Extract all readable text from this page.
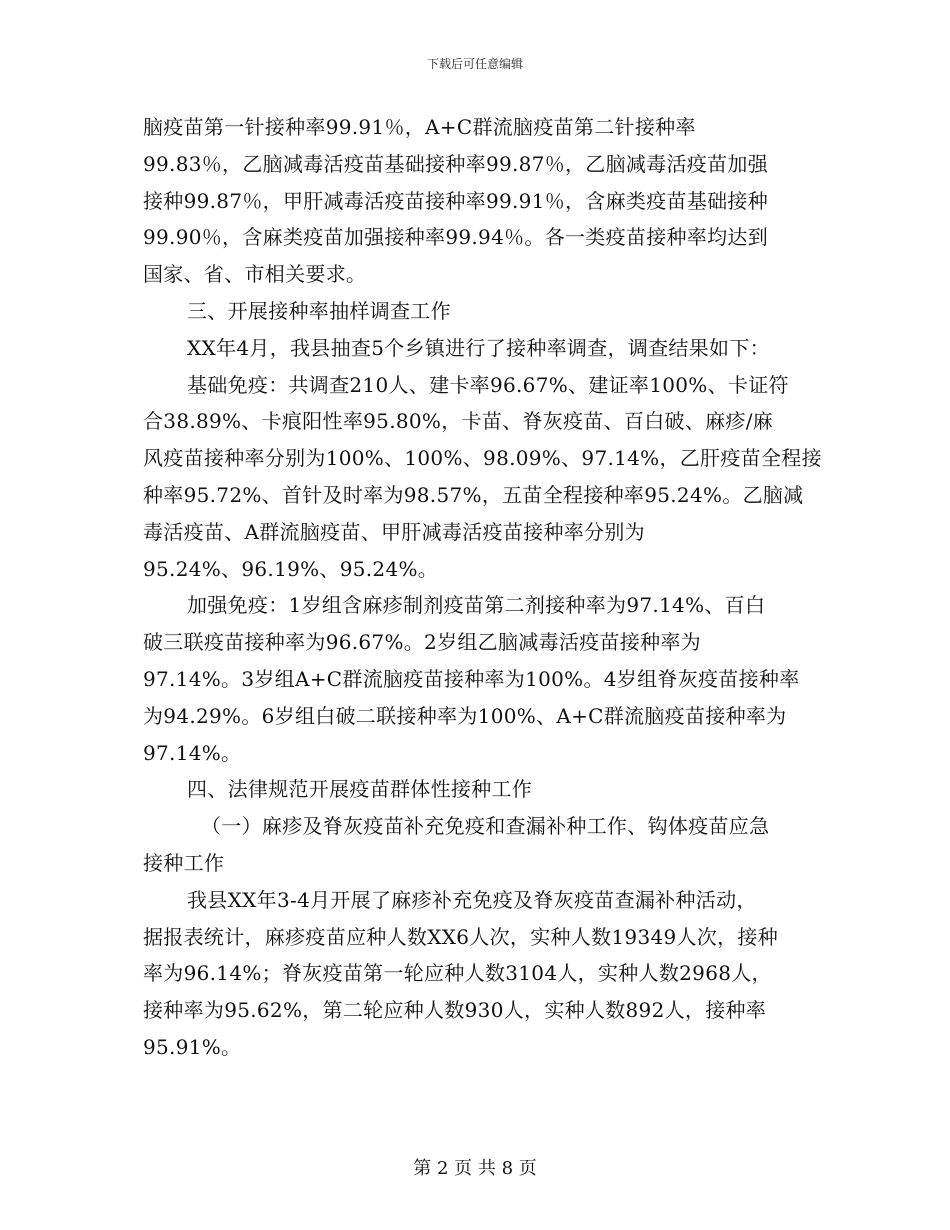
下载后可任意编辑
脑疫苗第一针接种率99.91％，A+C群流脑疫苗第二针接种率
99.83％，乙脑减毒活疫苗基础接种率99.87％，乙脑减毒活疫苗加强
接种99.87％，甲肝减毒活疫苗接种率99.91％，含麻类疫苗基础接种
99.90％，含麻类疫苗加强接种率99.94％。各一类疫苗接种率均达到
国家、省、市相关要求。
三、开展接种率抽样调查工作
XX年4月，我县抽查5个乡镇进行了接种率调查，调查结果如下：
基础免疫：共调查210人、建卡率96.67%、建证率100%、卡证符
合38.89%、卡痕阳性率95.80%，卡苗、脊灰疫苗、百白破、麻疹/麻
风疫苗接种率分别为100%、100%、98.09%、97.14%，乙肝疫苗全程接
种率95.72%、首针及时率为98.57%，五苗全程接种率95.24%。乙脑减
毒活疫苗、A群流脑疫苗、甲肝减毒活疫苗接种率分别为
95.24%、96.19%、95.24%。
加强免疫：1岁组含麻疹制剂疫苗第二剂接种率为97.14%、百白
破三联疫苗接种率为96.67%。2岁组乙脑减毒活疫苗接种率为
97.14%。3岁组A+C群流脑疫苗接种率为100%。4岁组脊灰疫苗接种率
为94.29%。6岁组白破二联接种率为100%、A+C群流脑疫苗接种率为
97.14%。
四、法律规范开展疫苗群体性接种工作
（一）麻疹及脊灰疫苗补充免疫和查漏补种工作、钩体疫苗应急
接种工作
我县XX年3-4月开展了麻疹补充免疫及脊灰疫苗查漏补种活动，
据报表统计，麻疹疫苗应种人数XX6人次，实种人数19349人次，接种
率为96.14%；脊灰疫苗第一轮应种人数3104人，实种人数2968人，
接种率为95.62%，第二轮应种人数930人，实种人数892人，接种率
95.91%。
第 2 页 共 8 页
